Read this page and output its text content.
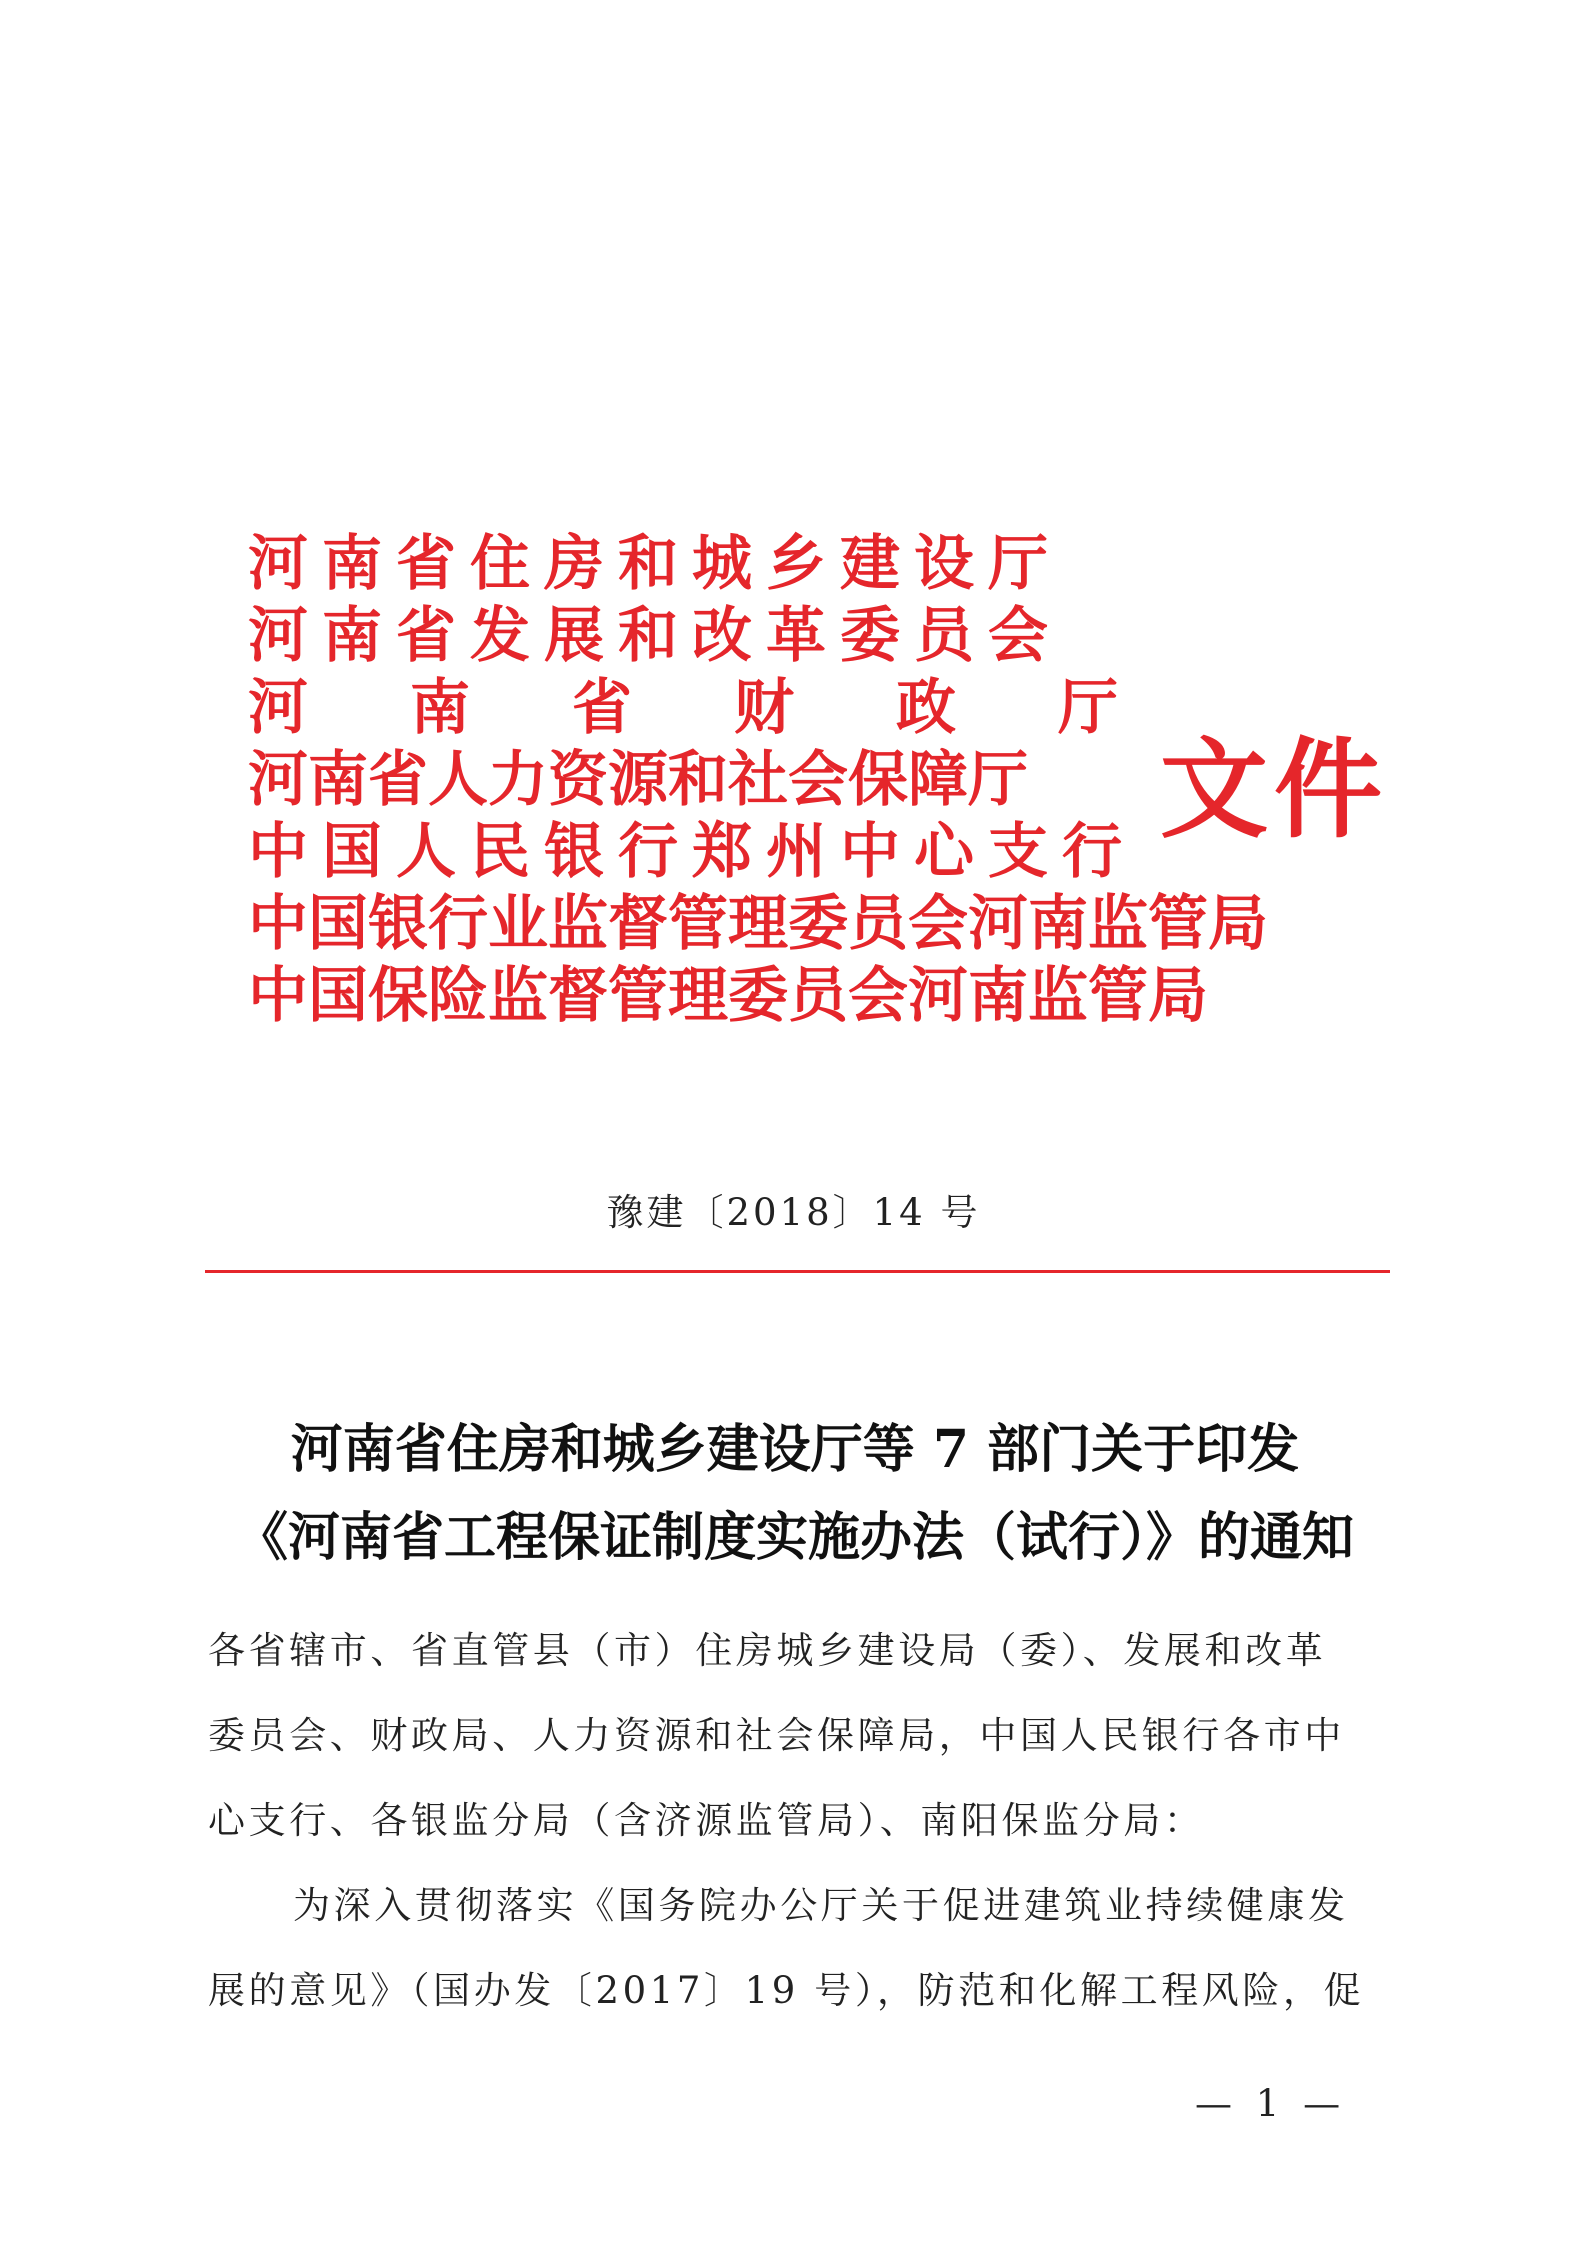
河南省住房和城乡建设厅
河南省发展和改革委员会
河 南 省 财 政 厅
河南省人力资源和社会保障厅
中国人民银行郑州中心支行
中国银行业监督管理委员会河南监管局
中国保险监督管理委员会河南监管局
文件
豫建〔2018〕14 号
河南省住房和城乡建设厅等 7 部门关于印发
《河南省工程保证制度实施办法（试行）》的通知
各省辖市、省直管县（市）住房城乡建设局（委）、发展和改革
委员会、财政局、人力资源和社会保障局，中国人民银行各市中
心支行、各银监分局（含济源监管局）、南阳保监分局：
为深入贯彻落实《国务院办公厅关于促进建筑业持续健康发
展的意见》（国办发〔2017〕19 号），防范和化解工程风险，促
— 1 —
